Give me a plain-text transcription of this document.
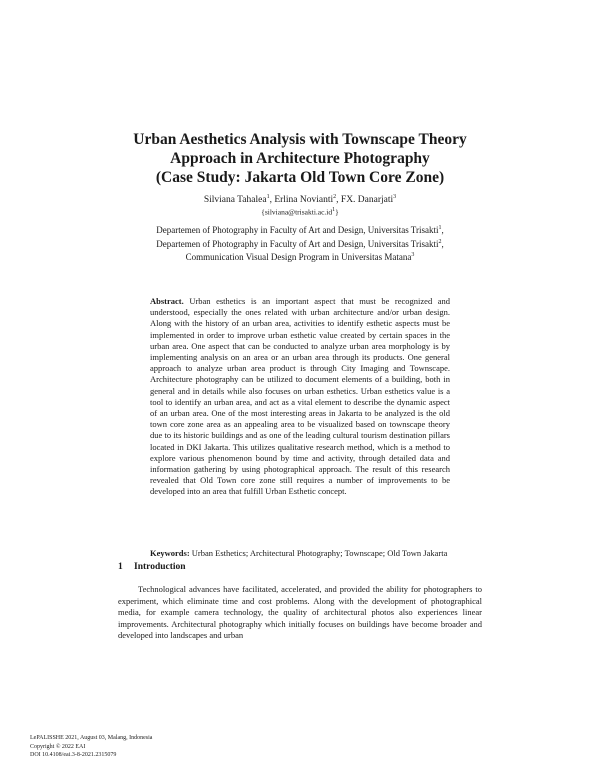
Urban Aesthetics Analysis with Townscape Theory
Approach in Architecture Photography
(Case Study: Jakarta Old Town Core Zone)
Silviana Tahalea$^1$, Erlina Novianti$^2$, FX. Danarjati$^3$
$\{silviana@trisakti.ac.id^1\}$
Departemen of Photography in Faculty of Art and Design, Universitas Trisakti$^1$,
Departemen of Photography in Faculty of Art and Design, Universitas Trisakti$^2$,
Communication Visual Design Program in Universitas Matana$^3$
Abstract. Urban esthetics is an important aspect that must be recognized and understood, especially the ones related with urban architecture and/or urban design. Along with the history of an urban area, activities to identify esthetic aspects must be implemented in order to improve urban esthetic value created by certain spaces in the urban area. One aspect that can be conducted to analyze urban area morphology is by implementing analysis on an area or an urban area through its products. One general approach to analyze urban area product is through City Imaging and Townscape. Architecture photography can be utilized to document elements of a building, both in general and in details while also focuses on urban esthetics. Urban esthetics value is a tool to identify an urban area, and act as a vital element to describe the dynamic aspect of an urban area. One of the most interesting areas in Jakarta to be analyzed is the old town core zone area as an appealing area to be visualized based on townscape theory due to its historic buildings and as one of the leading cultural tourism destination pillars located in DKI Jakarta. This utilizes qualitative research method, which is a method to explore various phenomenon bound by time and activity, through detailed data and information gathering by using photographical approach. The result of this research revealed that Old Town core zone still requires a number of improvements to be developed into an area that fulfill Urban Esthetic concept.
Keywords: Urban Esthetics; Architectural Photography; Townscape; Old Town Jakarta
1 Introduction
Technological advances have facilitated, accelerated, and provided the ability for photographers to experiment, which eliminate time and cost problems. Along with the development of photographical media, for example camera technology, the quality of architectural photos also experiences linear improvements. Architectural photography which initially focuses on buildings have become broader and developed into landscapes and urban
LePALISSHE 2021, August 03, Malang, Indonesia
Copyright © 2022 EAI
DOI 10.4108/eai.3-8-2021.2315079
